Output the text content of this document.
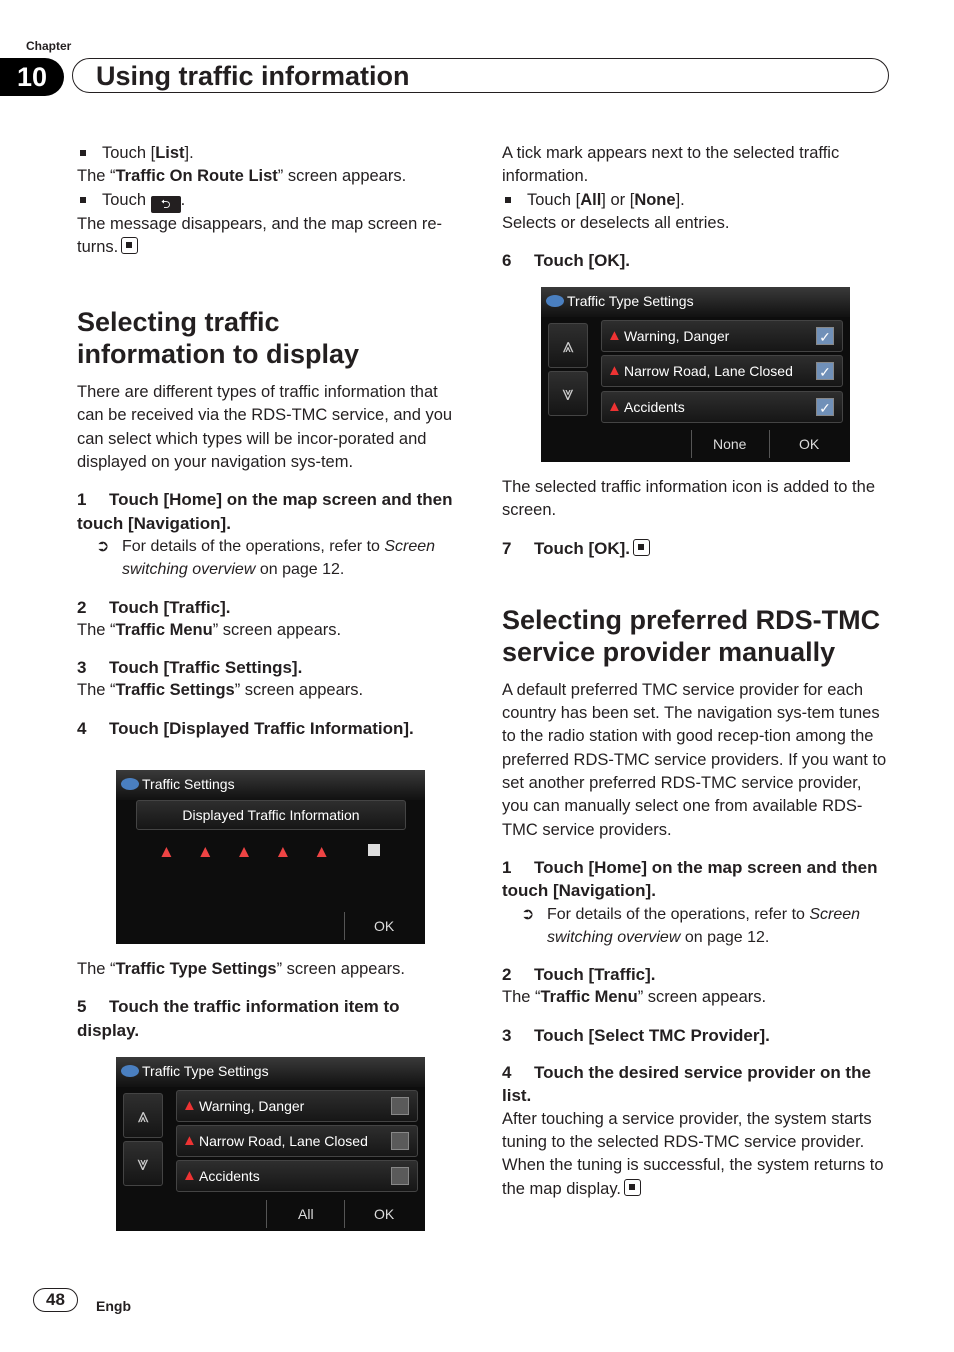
Chapter
10	Using traffic information
Touch [List].
The “Traffic On Route List” screen appears.
Touch ⮌ .
The message disappears, and the map screen re-turns.
Selecting traffic information to display
There are different types of traffic information that can be received via the RDS-TMC service, and you can select which types will be incor-porated and displayed on your navigation sys-tem.
1 Touch [Home] on the map screen and then touch [Navigation].
➲ For details of the operations, refer to Screen switching overview on page 12.
2 Touch [Traffic].
The “Traffic Menu” screen appears.
3 Touch [Traffic Settings].
The “Traffic Settings” screen appears.
4 Touch [Displayed Traffic Information].
Traffic Settings
Displayed Traffic Information
▲▲▲▲▲
OK
The “Traffic Type Settings” screen appears.
5 Touch the traffic information item to display.
Traffic Type Settings
⩓
⩔
▲ Warning, Danger
▲ Narrow Road, Lane Closed
▲ Accidents
All	OK
A tick mark appears next to the selected traffic information.
Touch [All] or [None].
Selects or deselects all entries.
6 Touch [OK].
Traffic Type Settings
⩓
⩔
▲ Warning, Danger	✓
▲ Narrow Road, Lane Closed ✓
▲ Accidents	✓
None	OK
The selected traffic information icon is added to the screen.
7 Touch [OK].
Selecting preferred RDS-TMC service provider manually
A default preferred TMC service provider for each country has been set. The navigation sys-tem tunes to the radio station with good recep-tion among the preferred RDS-TMC service providers. If you want to set another preferred RDS-TMC service provider, you can manually select one from available RDS-TMC service providers.
1 Touch [Home] on the map screen and then touch [Navigation].
➲ For details of the operations, refer to Screen switching overview on page 12.
2 Touch [Traffic].
The “Traffic Menu” screen appears.
3 Touch [Select TMC Provider].
4 Touch the desired service provider on the list.
After touching a service provider, the system starts tuning to the selected RDS-TMC service provider. When the tuning is successful, the system returns to the map display.
48	Engb
